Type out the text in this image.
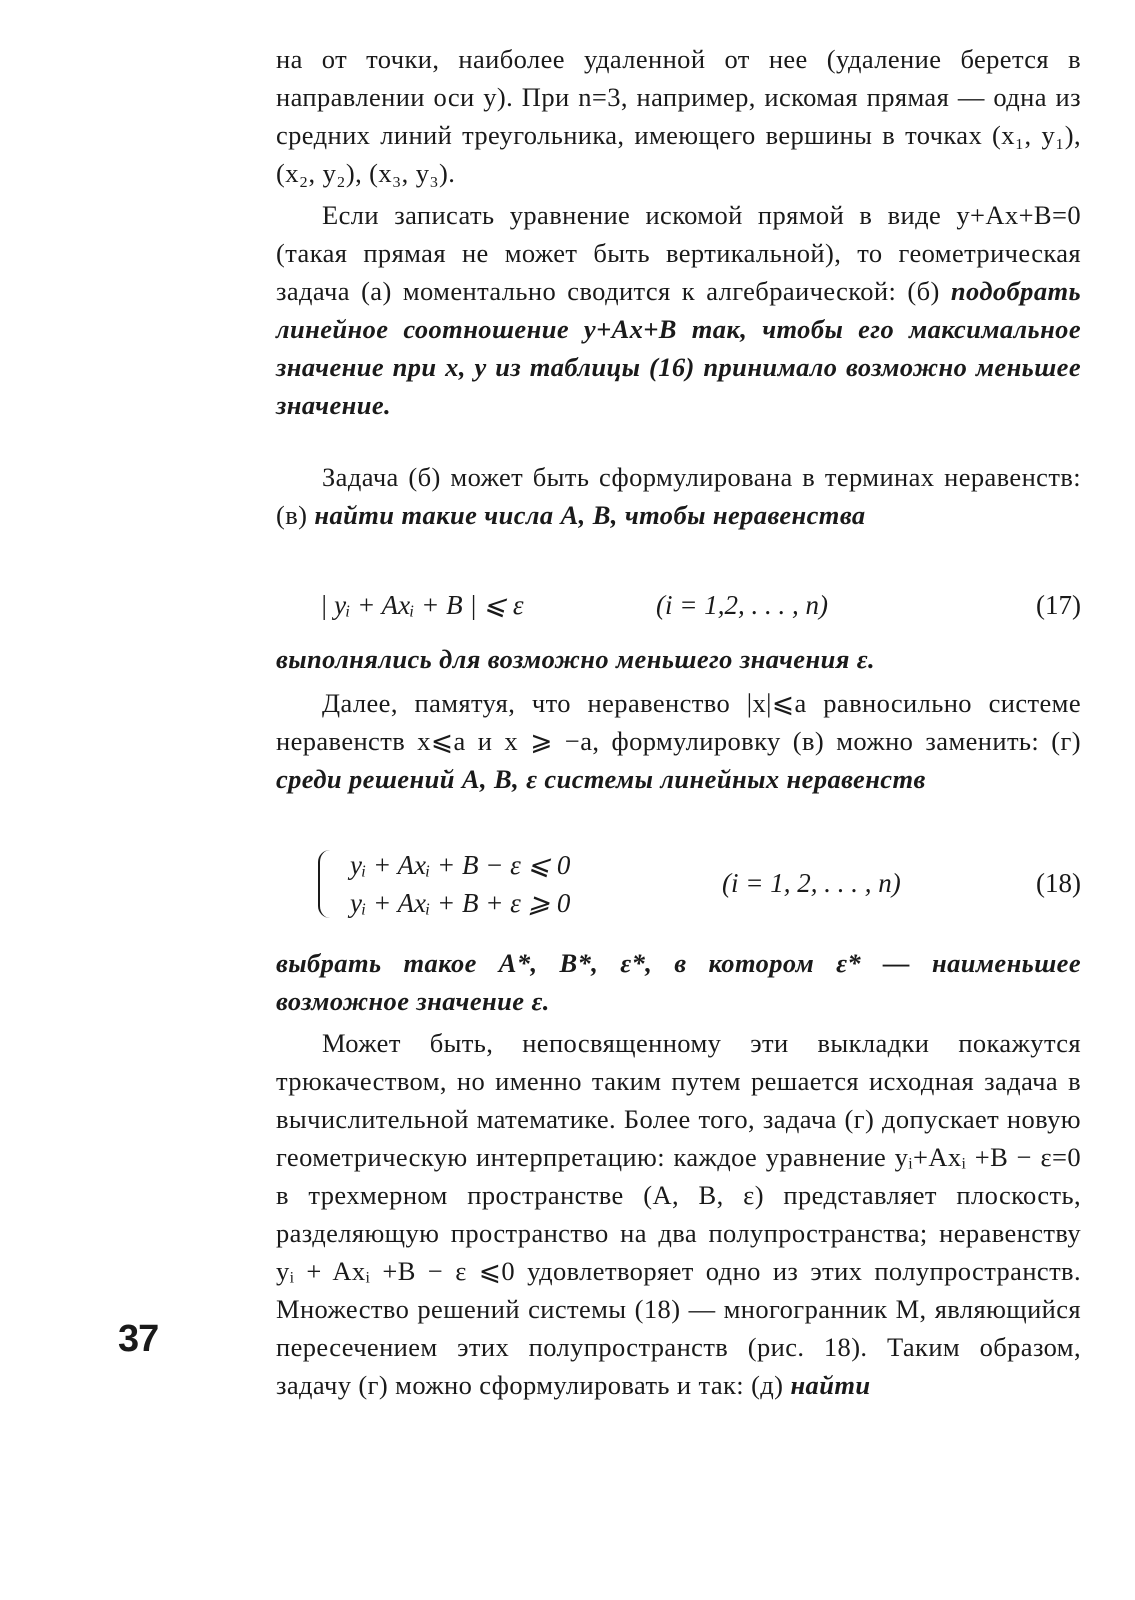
на от точки, наиболее удаленной от нее (удаление берется в направлении оси y). При n=3, например, искомая прямая — одна из средних линий треугольника, имеющего вершины в точках (x₁, y₁), (x₂, y₂), (x₃, y₃).

Если записать уравнение искомой прямой в виде y+Ax+B=0 (такая прямая не может быть вертикальной), то геометрическая задача (а) моментально сводится к алгебраической: (б) подобрать линейное соотношение y+Ax+B так, чтобы его максимальное значение при x, y из таблицы (16) принимало возможно меньшее значение.

Задача (б) может быть сформулирована в терминах неравенств: (в) найти такие числа A, B, чтобы неравенства

| yᵢ + Axᵢ + B | ⩽ ε	(i = 1,2, . . . , n)	(17)

выполнялись для возможно меньшего значения ε.

Далее, памятуя, что неравенство |x|⩽a равносильно системе неравенств x⩽a и x ⩾ −a, формулировку (в) можно заменить: (г) среди решений A, B, ε системы линейных неравенств

yᵢ + Axᵢ + B − ε ⩽ 0
yᵢ + Axᵢ + B + ε ⩾ 0
(i = 1, 2, . . . , n)	(18)

выбрать такое A*, B*, ε*, в котором ε* — наименьшее возможное значение ε.

Может быть, непосвященному эти выкладки покажутся трюкачеством, но именно таким путем решается исходная задача в вычислительной математике. Более того, задача (г) допускает новую геометрическую интерпретацию: каждое уравнение yᵢ+Axᵢ +B − ε=0 в трехмерном пространстве (A, B, ε) представляет плоскость, разделяющую пространство на два полупространства; неравенству yᵢ + Axᵢ +B − ε ⩽0 удовлетворяет одно из этих полупространств. Множество решений системы (18) — многогранник M, являющийся пересечением этих полупространств (рис. 18). Таким образом, задачу (г) можно сформулировать и так: (д) найти

37
